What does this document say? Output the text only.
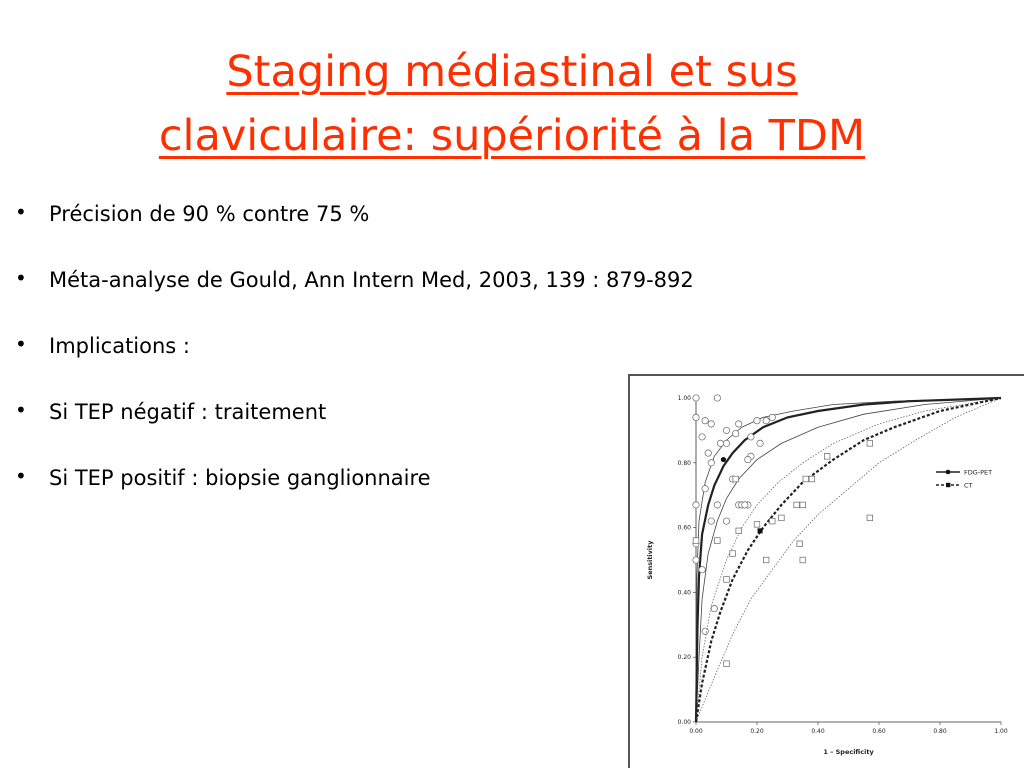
Staging médiastinal et sus
claviculaire: supériorité à la TDM
• Précision de 90 % contre 75 %
• Méta-analyse de Gould, Ann Intern Med, 2003, 139 : 879-892
• Implications :
• Si TEP négatif : traitement
• Si TEP positif : biopsie ganglionnaire
0.00
0.20
0.40
0.60
0.80
1.00
0.00	0.20	0.40	0.60	0.80	1.00
1 – Specificity
Sensitivity
FDG-PET
CT
